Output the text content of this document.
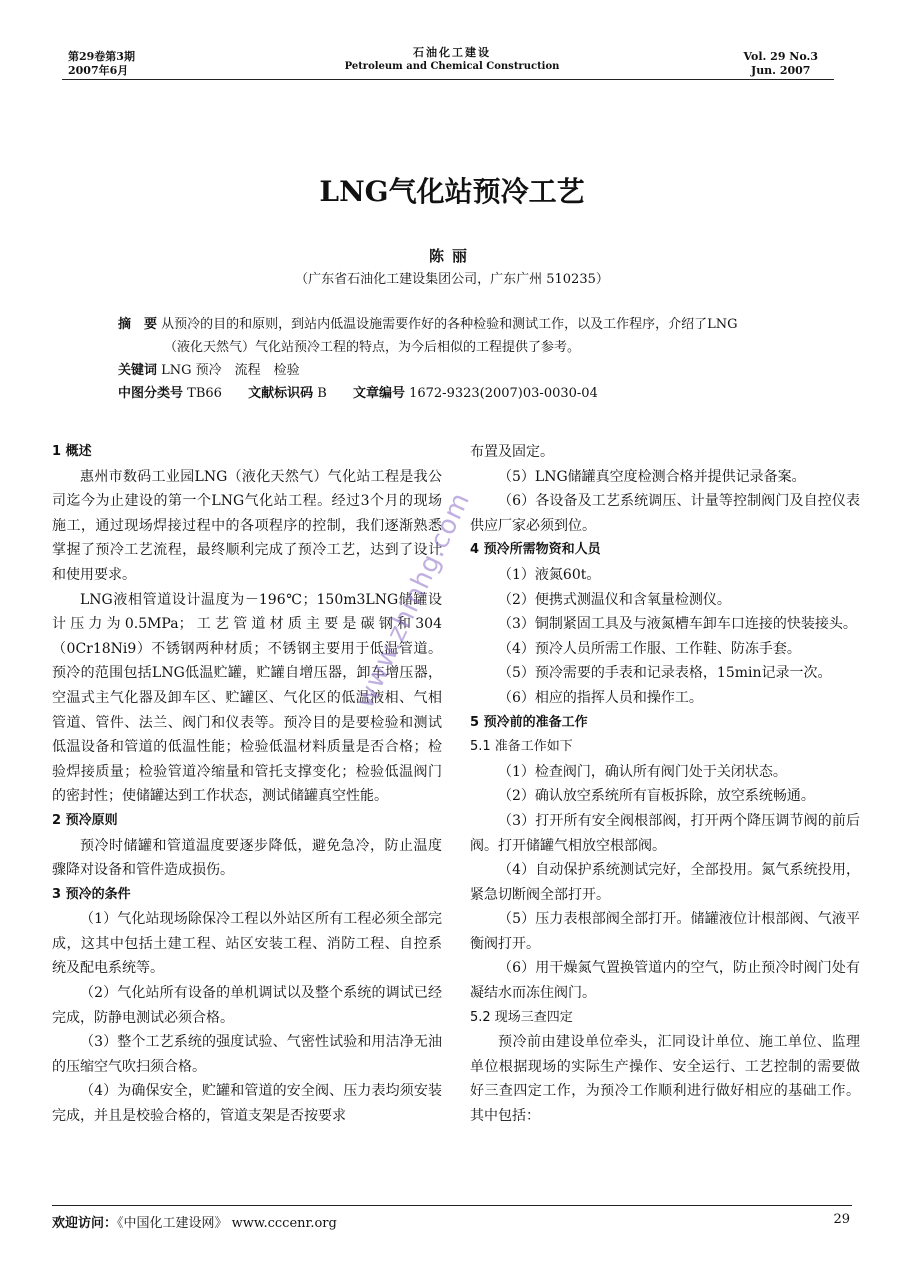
第29卷第3期
2007年6月
石油化工建设
Petroleum and Chemical Construction
Vol. 29 No.3
Jun. 2007
LNG气化站预冷工艺
陈丽
（广东省石油化工建设集团公司，广东广州 510235）
摘　要 从预冷的目的和原则，到站内低温设施需要作好的各种检验和测试工作，以及工作程序，介绍了LNG
（液化天然气）气化站预冷工程的特点，为今后相似的工程提供了参考。
关键词 LNG 预冷　流程　检验
中图分类号 TB66 文献标识码 B 文章编号 1672-9323(2007)03-0030-04

1 概述

惠州市数码工业园LNG（液化天然气）气化站工程是我公司迄今为止建设的第一个LNG气化站工程。经过3个月的现场施工，通过现场焊接过程中的各项程序的控制，我们逐渐熟悉掌握了预冷工艺流程，最终顺利完成了预冷工艺，达到了设计和使用要求。

LNG液相管道设计温度为－196℃；150m3LNG储罐设计压力为0.5MPa；工艺管道材质主要是碳钢和304（0Cr18Ni9）不锈钢两种材质；不锈钢主要用于低温管道。预冷的范围包括LNG低温贮罐，贮罐自增压器，卸车增压器，空温式主气化器及卸车区、贮罐区、气化区的低温液相、气相管道、管件、法兰、阀门和仪表等。预冷目的是要检验和测试低温设备和管道的低温性能；检验低温材料质量是否合格；检验焊接质量；检验管道冷缩量和管托支撑变化；检验低温阀门的密封性；使储罐达到工作状态，测试储罐真空性能。

2 预冷原则

预冷时储罐和管道温度要逐步降低，避免急冷，防止温度骤降对设备和管件造成损伤。

3 预冷的条件

（1）气化站现场除保冷工程以外站区所有工程必须全部完成，这其中包括土建工程、站区安装工程、消防工程、自控系统及配电系统等。

（2）气化站所有设备的单机调试以及整个系统的调试已经完成，防静电测试必须合格。

（3）整个工艺系统的强度试验、气密性试验和用洁净无油的压缩空气吹扫须合格。

（4）为确保安全，贮罐和管道的安全阀、压力表均须安装完成，并且是校验合格的，管道支架是否按要求

布置及固定。

（5）LNG储罐真空度检测合格并提供记录备案。

（6）各设备及工艺系统调压、计量等控制阀门及自控仪表供应厂家必须到位。

4 预冷所需物资和人员

（1）液氮60t。

（2）便携式测温仪和含氧量检测仪。

（3）铜制紧固工具及与液氮槽车卸车口连接的快装接头。

（4）预冷人员所需工作服、工作鞋、防冻手套。

（5）预冷需要的手表和记录表格，15min记录一次。

（6）相应的指挥人员和操作工。

5 预冷前的准备工作

5.1 准备工作如下

（1）检查阀门，确认所有阀门处于关闭状态。

（2）确认放空系统所有盲板拆除，放空系统畅通。

（3）打开所有安全阀根部阀，打开两个降压调节阀的前后阀。打开储罐气相放空根部阀。

（4）自动保护系统测试完好，全部投用。氮气系统投用，紧急切断阀全部打开。

（5）压力表根部阀全部打开。储罐液位计根部阀、气液平衡阀打开。

（6）用干燥氮气置换管道内的空气，防止预冷时阀门处有凝结水而冻住阀门。

5.2 现场三查四定

预冷前由建设单位牵头，汇同设计单位、施工单位、监理单位根据现场的实际生产操作、安全运行、工艺控制的需要做好三查四定工作，为预冷工作顺利进行做好相应的基础工作。其中包括：

www.zhinhg.com
欢迎访问：《中国化工建设网》 www.cccenr.org	29
